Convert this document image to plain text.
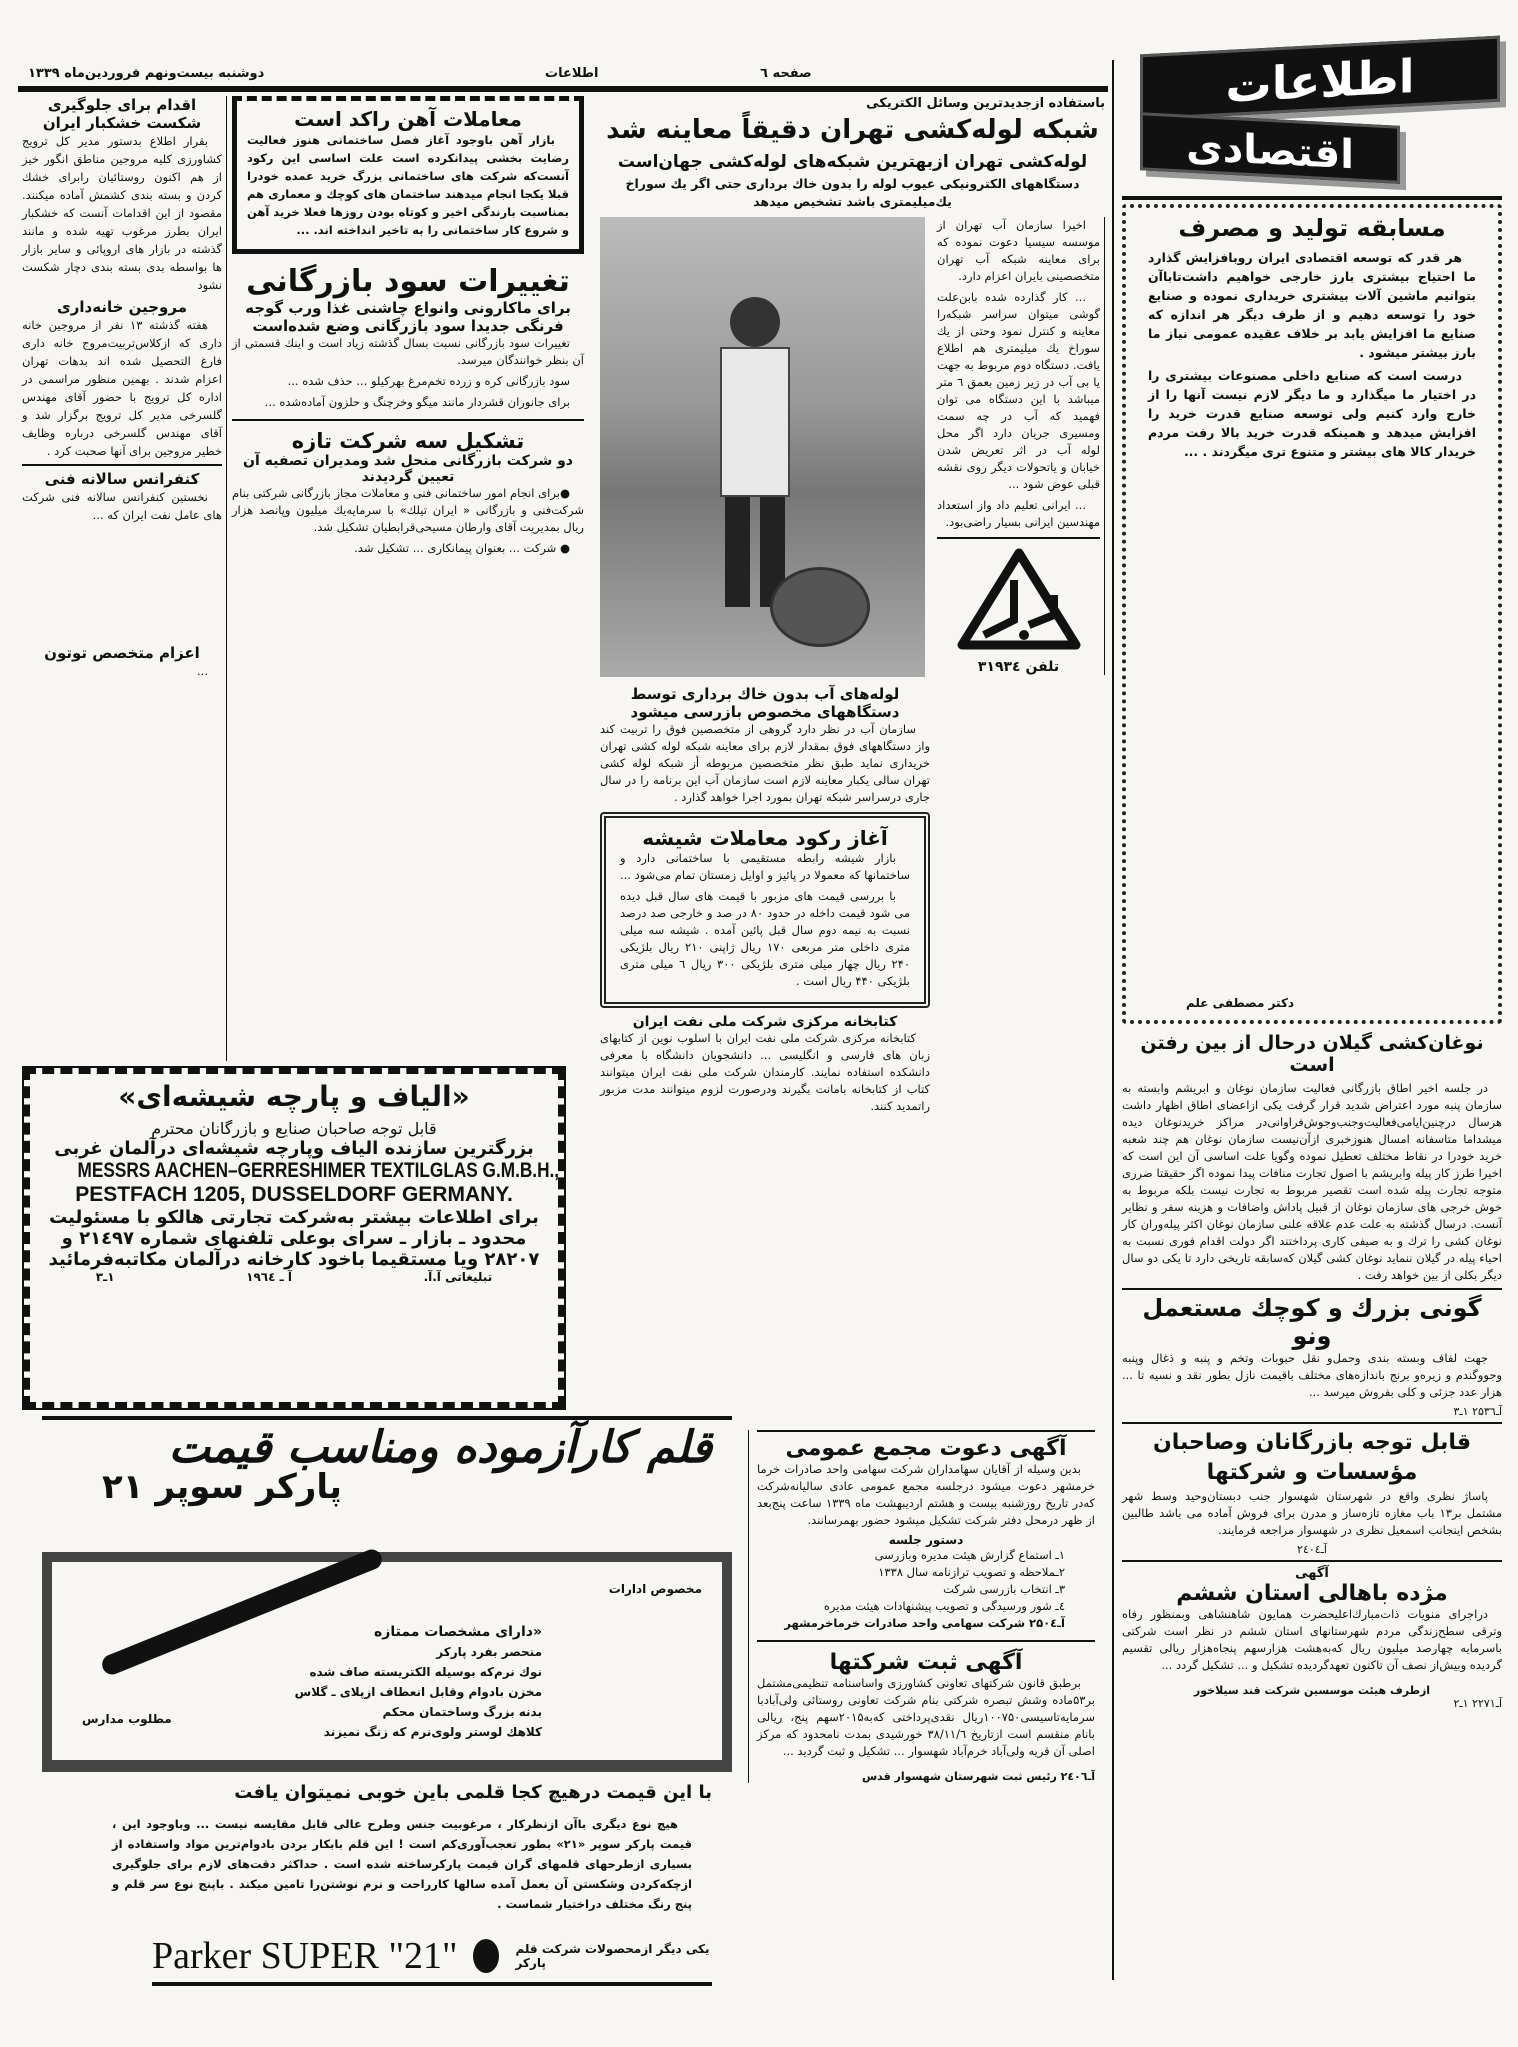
دوشنبه بیست‌ونهم فروردین‌ماه ۱۳۳۹	اطلاعات	صفحه ٦	اطلاعات
اقتصادی
مسابقه تولید و مصرف

هر قدر که توسعه اقتصادی ایران روبافزایش گذارد ما احتیاج بیشتری بارز خارجی خواهیم داشت‌تاباآن بتوانیم ماشین آلات بیشتری خریداری نموده و صنایع خود را توسعه دهیم و از طرف دیگر هر اندازه که صنایع ما افزایش یابد بر خلاف عقیده عمومی نیاز ما بارز بیشتر میشود .

درست است که صنایع داخلی مصنوعات بیشتری را در اختیار ما میگذارد و ما دیگر لازم نیست آنها را از خارج وارد کنیم ولی توسعه صنایع قدرت خرید را افزایش میدهد و همینکه قدرت خرید بالا رفت مردم خریدار کالا های بیشتر و متنوع تری میگردند . ...

دکتر مصطفی علم
نوغان‌کشی گیلان درحال از بین رفتن است

در جلسه اخیر اطاق بازرگانی فعالیت سازمان نوغان و ابریشم وابسته به سازمان پنبه مورد اعتراض شدید قرار گرفت یکی ازاعضای اطاق اظهار داشت هرسال درچنین‌ایامی‌فعالیت‌وجنب‌وجوش‌فراوانی‌در مراکز خریدنوغان دیده میشداما متاسفانه امسال هنوزخبری ازآن‌نیست سازمان نوغان هم چند شعبه خرید خودرا در نقاط مختلف تعطیل نموده وگویا علت اساسی آن این است که اخیرا طرز کار پیله وابریشم با اصول تجارت منافات پیدا نموده اگر حقیقتا ضرری متوجه تجارت پیله شده است تقصیر مربوط به تجارت نیست بلکه مربوط به خوش خرجی های سازمان نوغان از قبیل پاداش واضافات و هزینه سفر و نظایر آنست. درسال گذشته به علت عدم علاقه علنی سازمان نوغان اکثر پیله‌وران کار نوغان کشی را ترك و به صیفی کاری پرداختند اگر دولت اقدام فوری نسبت به احیاء پیله در گیلان ننماید نوغان کشی گیلان که‌سابقه تاریخی دارد تا یکی دو سال دیگر بکلی از بین خواهد رفت .

گونی بزرك و کوچك مستعمل ونو

جهت لفاف وبسته بندی وحمل‌و نقل حبوبات وتخم و پنبه و ذغال وپنبه وجووگندم و زیره‌و برنج باندازه‌های مختلف باقیمت نازل بطور نقد و نسیه تا ... هزار عدد جزئی و کلی بفروش میرسد ...

آـ۲۵۳٦ ۱ـ۳
قابل توجه بازرگانان وصاحبان مؤسسات و شرکتها

پاساژ نظری واقع در شهرستان شهسوار جنب دبستان‌وحید وسط شهر مشتمل بر۱۳ باب مغازه تازه‌ساز و مدرن برای فروش آماده می باشد طالبین بشخص اینجانب اسمعیل نظری در شهسوار مراجعه فرمایند.

آـ۲٤۰٤
آگهی
مژده باهالی استان ششم

دراجرای منویات ذات‌مبارك‌اعلیحضرت همایون شاهنشاهی وبمنظور رفاه وترقی سطح‌زندگی مردم شهرستانهای استان ششم در نظر است شرکتی باسرمایه چهارصد میلیون ریال که‌به‌هشت هزارسهم پنجاه‌هزار ریالی تقسیم گردیده وبیش‌از نصف آن تاکنون تعهدگردیده تشکیل و ... تشکیل گردد ...

ازطرف هیئت موسسین شرکت قند سیلاخور
آـ۲۲۷۱ ۱ـ۲
باستفاده ازجدیدترین وسائل الکتریکی
شبکه لوله‌کشی تهران دقیقاً معاینه شد
لوله‌کشی تهران ازبهترین شبکه‌های لوله‌کشی جهان‌است
دستگاههای الکترونیکی عیوب لوله را بدون خاك برداری حتی اگر یك سوراخ یك‌میلیمتری باشد تشخیص میدهد
لوله‌های آب بدون خاك برداری توسط دستگاههای مخصوص بازرسی میشود

سازمان آب در نظر دارد گروهی از متخصصین فوق را تربیت کند واز دستگاههای فوق بمقدار لازم برای معاینه شبکه لوله کشی تهران خریداری نماید طبق نظر متخصصین مربوطه أز شبکه لوله کشی تهران سالی یکبار معاینه لازم است سازمان آب این برنامه را در سال جاری درسراسر شبکه تهران بمورد اجرا خواهد گذارد .

آغاز رکود معاملات شیشه

بازار شیشه رابطه مستقیمی با ساختمانی دارد و ساختمانها که معمولا در پائیز و اوایل زمستان تمام می‌شود ...

با بررسی قیمت های مزبور با قیمت های سال قبل دیده می شود قیمت داخله در حدود ۸۰ در صد و خارجی صد درصد نسبت به نیمه دوم سال قبل پائین آمده . شیشه سه میلی متری داخلی متر مربعی ۱۷۰ ریال ژاپنی ۲۱۰ ریال بلژیکی ۲۴۰ ریال چهار میلی متری بلژیکی ۳۰۰ ریال ٦ میلی متری بلژیکی ۴۴۰ ریال است .

کتابخانه مرکزی شرکت ملی نفت ایران

کتابخانه مرکزی شرکت ملی نفت ایران با اسلوب نوین از کتابهای زبان های فارسی و انگلیسی ... دانشجویان دانشگاه با معرفی دانشکده استفاده نمایند. کارمندان شرکت ملی نفت ایران میتوانند کتاب از کتابخانه بامانت بگیرند ودرصورت لزوم میتوانند مدت مزبور راتمدید کنند.

اخیرا سازمان آب تهران از موسسه سیسیا دعوت نموده که برای معاینه شبکه آب تهران متخصصینی بایران اعزام دارد.

... کار گذارده شده بابن‌علت گوشی میتوان سراسر شبکه‌را معاینه و کنترل نمود وحتی از یك سوراخ یك میلیمتری هم اطلاع یافت. دستگاه دوم مربوط به جهت یا بی آب در زیر زمین بعمق ٦ متر میباشد با این دستگاه می توان فهمید که آب در چه سمت ومسیری جریان دارد اگر محل لوله آب در اثر تعریض شدن خیابان و یاتحولات دیگر روی نقشه قبلی عوض شود ...

... ایرانی تعلیم داد واز استعداد مهندسین ایرانی بسیار راضی‌بود.

تلفن ۳۱۹۳٤
معاملات آهن راکد است

بازار آهن باوجود آغاز فصل ساختمانی هنوز فعالیت رضایت بخشی پیدانکرده است علت اساسی این رکود آنست‌که شرکت های ساختمانی بزرگ خرید عمده خودرا قبلا یکجا انجام میدهند ساختمان های کوچك و معماری هم بمناسبت بارندگی اخیر و کوتاه بودن روزها فعلا خرید آهن و شروع کار ساختمانی را به تاخیر انداخته اند. ...

تغییرات سود بازرگانی
برای ماکارونی وانواع چاشنی غذا ورب گوجه فرنگی جدیدا سود بازرگانی وضع شده‌است

تغییرات سود بازرگانی نسبت بسال گذشته زیاد است و اینك قسمتی از آن بنظر خوانندگان میرسد.

سود بازرگانی کره و زرده تخم‌مرغ بهرکیلو ... حذف شده ...

برای جانوران قشردار مانند میگو وخرچنگ و حلزون آماده‌شده ...

تشکیل سه شرکت تازه
دو شرکت بازرگانی منحل شد ومدیران تصفیه آن تعیین گردیدند

●برای انجام امور ساختمانی فنی و معاملات مجاز بازرگانی شرکتی بنام شرکت‌فنی و بازرگانی « ایران تیلك» با سرمایه‌یك میلیون وپانصد هزار ریال بمدیریت آقای وارطان مسیحی‌قرابطیان تشکیل شد.

● شرکت ... بعنوان پیمانکاری ... تشکیل شد.

اقدام برای جلوگیری شکست خشکبار ایران

بقرار اطلاع بدستور مدیر کل ترویج کشاورزی کلیه مروجین مناطق انگور خیز از هم اکنون روستائیان رابرای خشك کردن و بسته بندی کشمش آماده میکنند. مقصود از این اقدامات آنست که خشکبار ایران بطرز مرغوب تهیه شده و مانند گذشته در بازار های اروپائی و سایر بازار ها بواسطه بدی بسته بندی دچار شکست نشود

مروجین خانه‌داری

هفته گذشته ۱۳ نفر از مروجین خانه داری که ازکلاس‌تربیت‌مروج خانه داری فارغ التحصیل شده اند بدهات تهران اعزام شدند . بهمین منظور مراسمی در اداره کل ترویج با حضور آقای مهندس گلسرخی مدیر کل ترویج برگزار شد و آقای مهندس گلسرخی درباره وظایف خطیر مروجین برای آنها صحبت کرد .

کنفرانس سالانه فنی

نخستین کنفرانس سالانه فنی شرکت های عامل نفت ایران که ...

اعزام متخصص توتون

...

«الیاف و پارچه شیشه‌ای»
قابل توجه صاحبان صنایع و بازرگانان محترم
بزرگترین سازنده الیاف وپارچه شیشه‌ای درآلمان غربی
MESSRS AACHEN–GERRESHIMER TEXTILGLAS G.M.B.H.,
PESTFACH 1205, DUSSELDORF GERMANY.
برای اطلاعات بیشتر به‌شرکت تجارتی هالکو با مسئولیت
محدود ـ بازار ـ سرای بوعلی تلفنهای شماره ۲۱٤۹۷ و
۲۸۲۰۷ ویا مستقیما باخود کارخانه درآلمان مکاتبه‌فرمائید
تبلیغاتی آ.آ.
آ ـ ۱۹٦٤
۱ـ۳
قلم کارآزموده ومناسب قیمت
پارکر سوپر ۲۱
مخصوص ادارات
مطلوب مدارس
«دارای مشخصات ممتازه
منحصر بفرد پارکر
نوك نرم‌که بوسیله الکتریسته صاف شده
مخزن بادوام وقابل انعطاف ازپلای ـ گلاس
بدنه بزرگ وساختمان محکم
کلاهك لوستر ولوی‌نرم که زنگ نمیزند
با این قیمت درهیچ کجا قلمی باین خوبی نمیتوان یافت

هیچ نوع دیگری باآن ازنظرکار ، مرغوبیت جنس وطرح عالی قابل مقایسه نیست ... وباوجود این ، قیمت پارکر سوپر «۲۱» بطور تعجب‌آوری‌کم است ! این قلم بابکار بردن بادوام‌ترین مواد واستفاده از بسیاری ازطرحهای قلمهای گران قیمت پارکرساخته شده است . حداکثر دقت‌های لازم برای جلوگیری ازچکه‌کردن وشکستن آن بعمل آمده سالها کارراحت و نرم نوشتن‌را تامین میکند . باپنج نوع سر قلم و پنج رنگ مختلف دراختیار شماست .

Parker SUPER "21"	یکی دیگر ازمحصولات شرکت قلم پارکر
آگهی دعوت مجمع عمومی

بدین وسیله از آقایان سهامداران شرکت سهامی واحد صادرات خرما خرمشهر دعوت میشود درجلسه مجمع عمومی عادی سالیانه‌شرکت که‌در تاریخ روزشنبه بیست و هشتم اردیبهشت ماه ۱۳۳۹ ساعت پنج‌بعد از ظهر درمحل دفتر شرکت تشکیل میشود حضور بهمرسانند.

دستور جلسه
۱ـ استماع گزارش هیئت مدیره وبازرسی
۲ـملاحظه و تصویب ترازنامه سال ۱۳۳۸
۳ـ انتخاب بازرسی شرکت
٤ـ شور ورسیدگی و تصویب پیشنهادات هیئت مدیره
آـ۲۵۰٤ شرکت سهامی واحد صادرات خرماخرمشهر
آگهی ثبت شرکتها

برطبق قانون شرکتهای تعاونی کشاورزی واساسنامه تنظیمی‌مشتمل بر۵۳ماده وشش تبصره شرکتی بنام شرکت تعاونی روستائی ولی‌آبادبا سرمایه‌تاسیسی۱۰۰۷۵۰ریال نقدی‌پرداختی که‌به۲۰۱۵سهم پنج، ریالی بانام منقسم است ازتاریخ ۳۸/۱۱/٦ خورشیدی بمدت نامحدود که مرکز اصلی آن قریه ولی‌آباد خرم‌آباد شهسوار ... تشکیل و ثبت گردید ...

آـ۲٤۰٦ رئیس ثبت شهرستان شهسوار قدس
